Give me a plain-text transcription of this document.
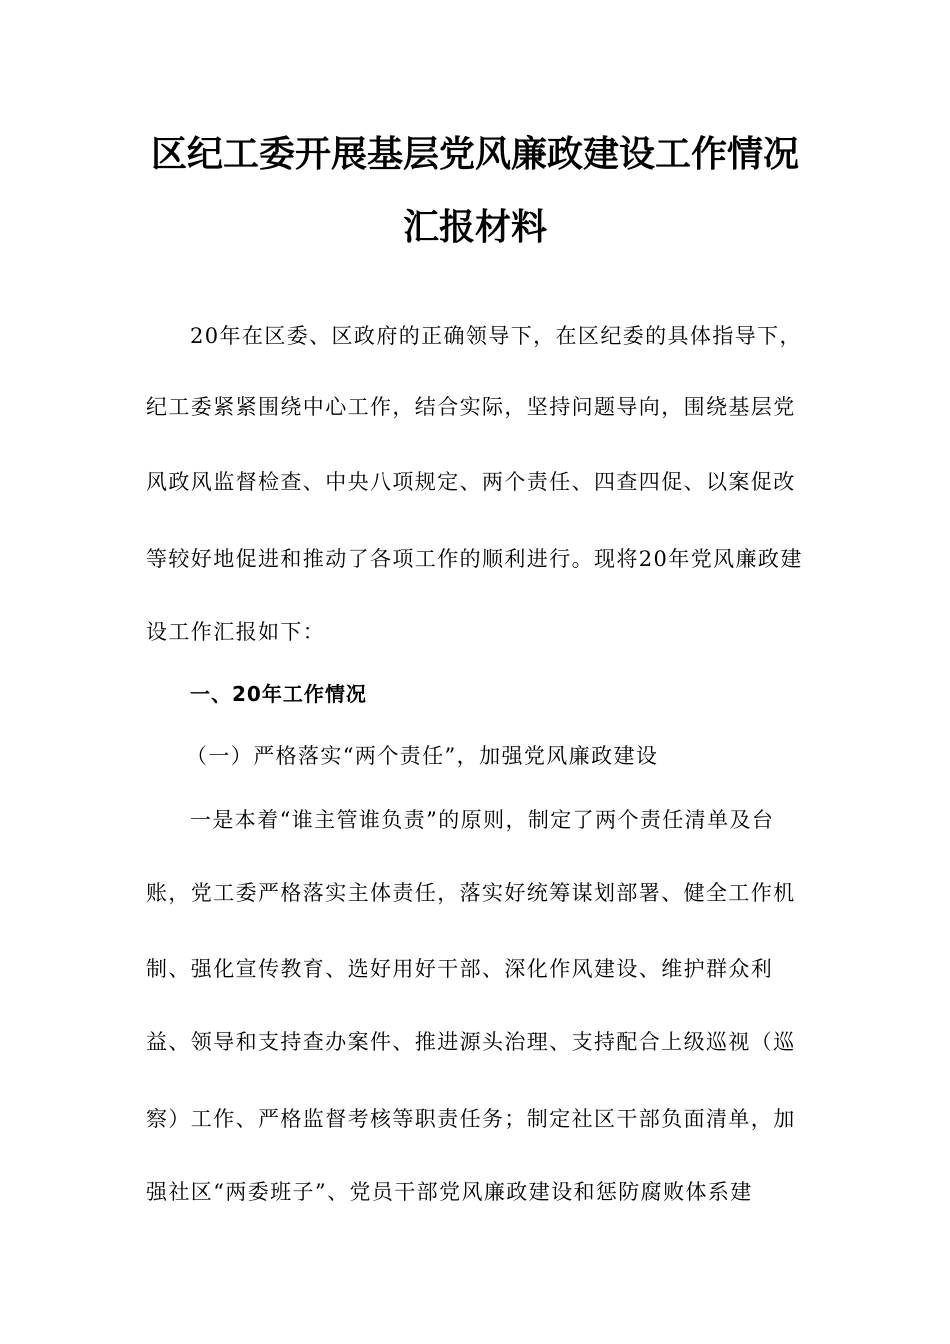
区纪工委开展基层党风廉政建设工作情况
汇报材料
20年在区委、区政府的正确领导下，在区纪委的具体指导下，
纪工委紧紧围绕中心工作，结合实际，坚持问题导向，围绕基层党
风政风监督检查、中央八项规定、两个责任、四查四促、以案促改
等较好地促进和推动了各项工作的顺利进行。现将20年党风廉政建
设工作汇报如下：
一、20年工作情况
（一）严格落实“两个责任”，加强党风廉政建设
一是本着“谁主管谁负责”的原则，制定了两个责任清单及台
账，党工委严格落实主体责任，落实好统筹谋划部署、健全工作机
制、强化宣传教育、选好用好干部、深化作风建设、维护群众利
益、领导和支持查办案件、推进源头治理、支持配合上级巡视（巡
察）工作、严格监督考核等职责任务；制定社区干部负面清单，加
强社区“两委班子”、党员干部党风廉政建设和惩防腐败体系建
